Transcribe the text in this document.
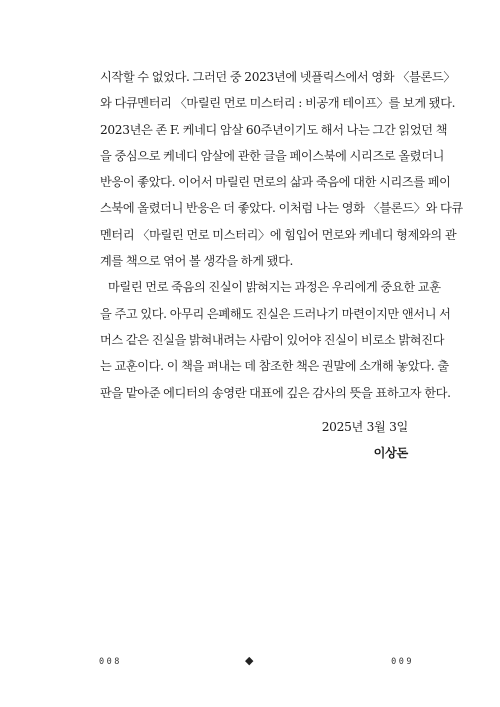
시작할 수 없었다. 그러던 중 2023년에 넷플릭스에서 영화 〈블론드〉
와 다큐멘터리 〈마릴린 먼로 미스터리 : 비공개 테이프〉를 보게 됐다.
2023년은 존 F. 케네디 암살 60주년이기도 해서 나는 그간 읽었던 책
을 중심으로 케네디 암살에 관한 글을 페이스북에 시리즈로 올렸더니
반응이 좋았다. 이어서 마릴린 먼로의 삶과 죽음에 대한 시리즈를 페이
스북에 올렸더니 반응은 더 좋았다. 이처럼 나는 영화 〈블론드〉와 다큐
멘터리 〈마릴린 먼로 미스터리〉에 힘입어 먼로와 케네디 형제와의 관
계를 책으로 엮어 볼 생각을 하게 됐다.
마릴린 먼로 죽음의 진실이 밝혀지는 과정은 우리에게 중요한 교훈
을 주고 있다. 아무리 은폐해도 진실은 드러나기 마련이지만 앤서니 서
머스 같은 진실을 밝혀내려는 사람이 있어야 진실이 비로소 밝혀진다
는 교훈이다. 이 책을 펴내는 데 참조한 책은 권말에 소개해 놓았다. 출
판을 맡아준 에디터의 송영란 대표에 깊은 감사의 뜻을 표하고자 한다.
2025년 3월 3일
이상돈
008	◆	009
